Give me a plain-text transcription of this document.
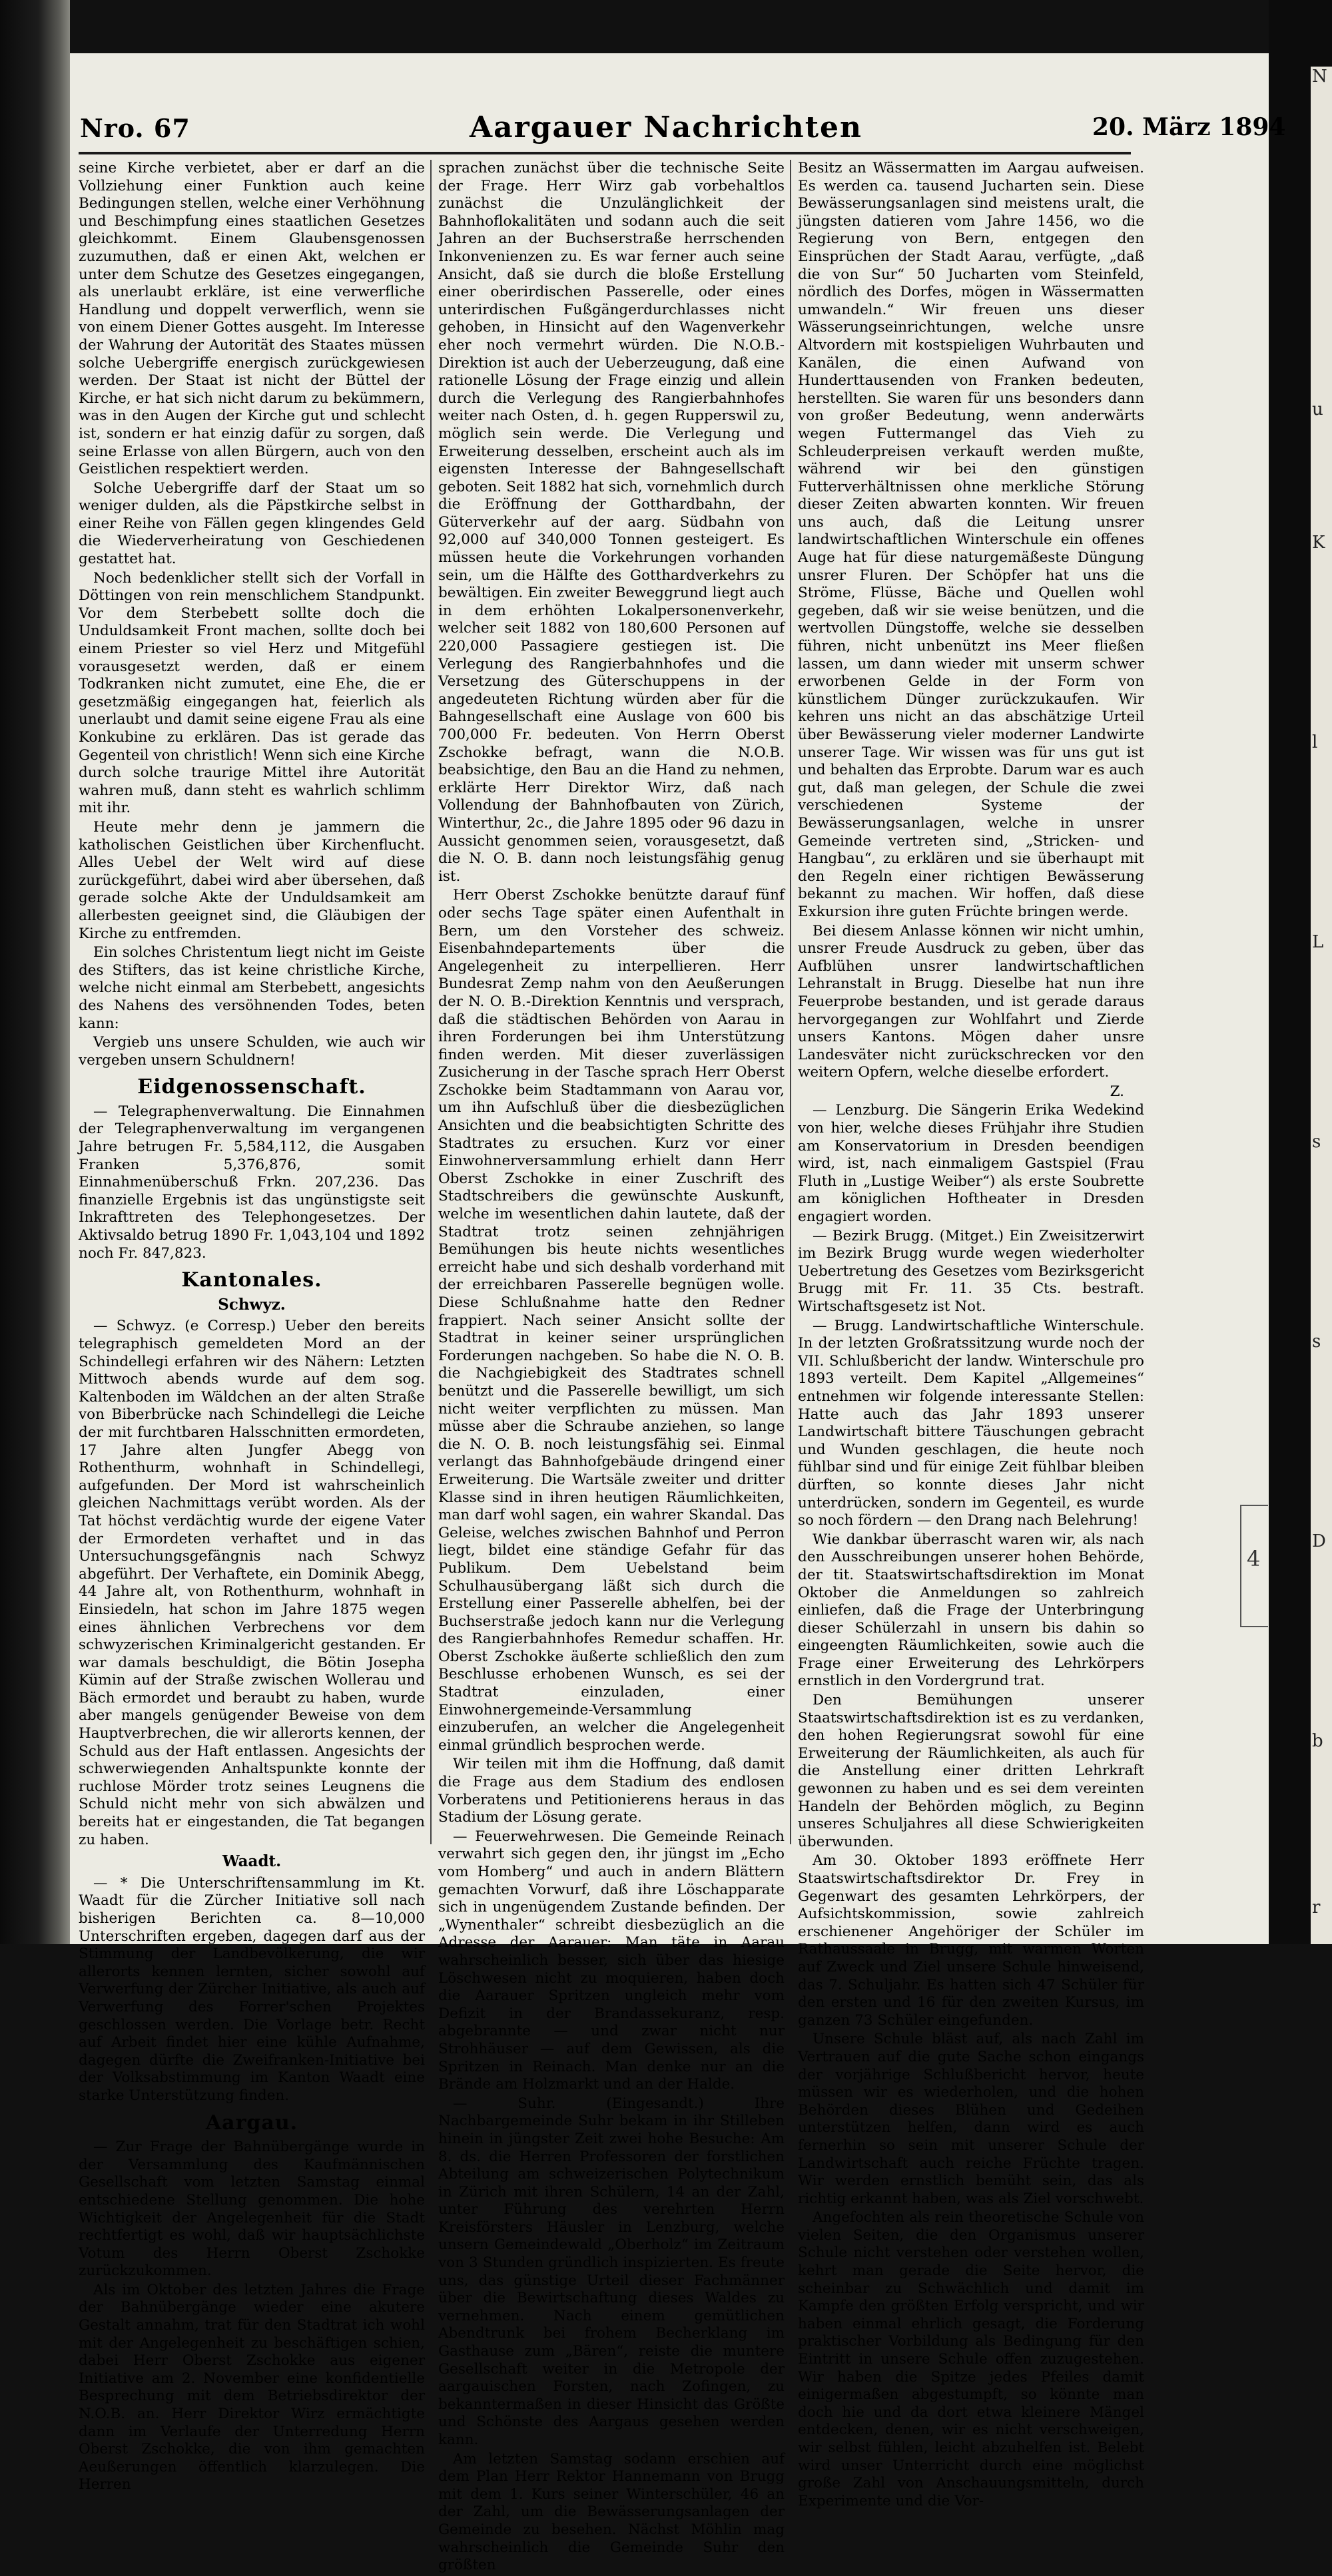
N
u
K
l
L
s
s
D
b
r
4
Nro. 67	Aargauer Nachrichten	20. März 1894

seine Kirche verbietet, aber er darf an die Vollziehung einer Funktion auch keine Bedingungen stellen, welche einer Verhöhnung und Beschimpfung eines staatlichen Gesetzes gleichkommt. Einem Glaubensgenossen zuzumuthen, daß er einen Akt, welchen er unter dem Schutze des Gesetzes eingegangen, als unerlaubt erkläre, ist eine verwerfliche Handlung und doppelt verwerflich, wenn sie von einem Diener Gottes ausgeht. Im Interesse der Wahrung der Autorität des Staates müssen solche Uebergriffe energisch zurückgewiesen werden. Der Staat ist nicht der Büttel der Kirche, er hat sich nicht darum zu bekümmern, was in den Augen der Kirche gut und schlecht ist, sondern er hat einzig dafür zu sorgen, daß seine Erlasse von allen Bürgern, auch von den Geistlichen respektiert werden.

Solche Uebergriffe darf der Staat um so weniger dulden, als die Päpstkirche selbst in einer Reihe von Fällen gegen klingendes Geld die Wiederverheiratung von Geschiedenen gestattet hat.

Noch bedenklicher stellt sich der Vorfall in Döttingen von rein menschlichem Standpunkt. Vor dem Sterbebett sollte doch die Unduldsamkeit Front machen, sollte doch bei einem Priester so viel Herz und Mitgefühl vorausgesetzt werden, daß er einem Todkranken nicht zumutet, eine Ehe, die er gesetzmäßig eingegangen hat, feierlich als unerlaubt und damit seine eigene Frau als eine Konkubine zu erklären. Das ist gerade das Gegenteil von christlich! Wenn sich eine Kirche durch solche traurige Mittel ihre Autorität wahren muß, dann steht es wahrlich schlimm mit ihr.

Heute mehr denn je jammern die katholischen Geistlichen über Kirchenflucht. Alles Uebel der Welt wird auf diese zurückgeführt, dabei wird aber übersehen, daß gerade solche Akte der Unduldsamkeit am allerbesten geeignet sind, die Gläubigen der Kirche zu entfremden.

Ein solches Christentum liegt nicht im Geiste des Stifters, das ist keine christliche Kirche, welche nicht einmal am Sterbebett, angesichts des Nahens des versöhnenden Todes, beten kann:

Vergieb uns unsere Schulden, wie auch wir vergeben unsern Schuldnern!

Eidgenossenschaft.

— Telegraphenverwaltung. Die Einnahmen der Telegraphenverwaltung im vergangenen Jahre betrugen Fr. 5,584,112, die Ausgaben Franken 5,376,876, somit Einnahmenüberschuß Frkn. 207,236. Das finanzielle Ergebnis ist das ungünstigste seit Inkrafttreten des Telephongesetzes. Der Aktivsaldo betrug 1890 Fr. 1,043,104 und 1892 noch Fr. 847,823.

Kantonales.
Schwyz.

— Schwyz. (e Corresp.) Ueber den bereits telegraphisch gemeldeten Mord an der Schindellegi erfahren wir des Nähern: Letzten Mittwoch abends wurde auf dem sog. Kaltenboden im Wäldchen an der alten Straße von Biberbrücke nach Schindellegi die Leiche der mit furchtbaren Halsschnitten ermordeten, 17 Jahre alten Jungfer Abegg von Rothenthurm, wohnhaft in Schindellegi, aufgefunden. Der Mord ist wahrscheinlich gleichen Nachmittags verübt worden. Als der Tat höchst verdächtig wurde der eigene Vater der Ermordeten verhaftet und in das Untersuchungsgefängnis nach Schwyz abgeführt. Der Verhaftete, ein Dominik Abegg, 44 Jahre alt, von Rothenthurm, wohnhaft in Einsiedeln, hat schon im Jahre 1875 wegen eines ähnlichen Verbrechens vor dem schwyzerischen Kriminalgericht gestanden. Er war damals beschuldigt, die Bötin Josepha Kümin auf der Straße zwischen Wollerau und Bäch ermordet und beraubt zu haben, wurde aber mangels genügender Beweise von dem Hauptverbrechen, die wir allerorts kennen, der Schuld aus der Haft entlassen. Angesichts der schwerwiegenden Anhaltspunkte konnte der ruchlose Mörder trotz seines Leugnens die Schuld nicht mehr von sich abwälzen und bereits hat er eingestanden, die Tat begangen zu haben.

Waadt.

— * Die Unterschriftensammlung im Kt. Waadt für die Zürcher Initiative soll nach bisherigen Berichten ca. 8—10,000 Unterschriften ergeben, dagegen darf aus der Stimmung der Landbevölkerung, die wir allerorts kennen lernten, sicher sowohl auf Verwerfung der Zürcher Initiative, als auch auf Verwerfung des Forrer'schen Projektes geschlossen werden. Die Vorlage betr. Recht auf Arbeit findet hier eine kühle Aufnahme, dagegen dürfte die Zweifranken-Initiative bei der Volksabstimmung im Kanton Waadt eine starke Unterstützung finden.

Aargau.

— Zur Frage der Bahnübergänge wurde in der Versammlung des Kaufmännischen Gesellschaft vom letzten Samstag einmal entschiedene Stellung genommen. Die hohe Wichtigkeit der Angelegenheit für die Stadt rechtfertigt es wohl, daß wir hauptsächlichste Votum des Herrn Oberst Zschokke zurückzukommen.

Als im Oktober des letzten Jahres die Frage der Bahnübergänge wieder eine akutere Gestalt annahm, trat für den Stadtrat ich wohl mit der Angelegenheit zu beschäftigen schien, dabei Herr Oberst Zschokke aus eigener Initiative am 2. November eine konfidentielle Besprechung mit dem Betriebsdirektor der N.O.B. an. Herr Direktor Wirz ermächtigte dann im Verlaufe der Unterredung Herrn Oberst Zschokke, die von ihm gemachten Aeußerungen öffentlich klarzulegen. Die Herren

sprachen zunächst über die technische Seite der Frage. Herr Wirz gab vorbehaltlos zunächst die Unzulänglichkeit der Bahnhoflokalitäten und sodann auch die seit Jahren an der Buchserstraße herrschenden Inkonvenienzen zu. Es war ferner auch seine Ansicht, daß sie durch die bloße Erstellung einer oberirdischen Passerelle, oder eines unterirdischen Fußgängerdurchlasses nicht gehoben, in Hinsicht auf den Wagenverkehr eher noch vermehrt würden. Die N.O.B.-Direktion ist auch der Ueberzeugung, daß eine rationelle Lösung der Frage einzig und allein durch die Verlegung des Rangierbahnhofes weiter nach Osten, d. h. gegen Rupperswil zu, möglich sein werde. Die Verlegung und Erweiterung desselben, erscheint auch als im eigensten Interesse der Bahngesellschaft geboten. Seit 1882 hat sich, vornehmlich durch die Eröffnung der Gotthardbahn, der Güterverkehr auf der aarg. Südbahn von 92,000 auf 340,000 Tonnen gesteigert. Es müssen heute die Vorkehrungen vorhanden sein, um die Hälfte des Gotthardverkehrs zu bewältigen. Ein zweiter Beweggrund liegt auch in dem erhöhten Lokalpersonenverkehr, welcher seit 1882 von 180,600 Personen auf 220,000 Passagiere gestiegen ist. Die Verlegung des Rangierbahnhofes und die Versetzung des Güterschuppens in der angedeuteten Richtung würden aber für die Bahngesellschaft eine Auslage von 600 bis 700,000 Fr. bedeuten. Von Herrn Oberst Zschokke befragt, wann die N.O.B. beabsichtige, den Bau an die Hand zu nehmen, erklärte Herr Direktor Wirz, daß nach Vollendung der Bahnhofbauten von Zürich, Winterthur, 2c., die Jahre 1895 oder 96 dazu in Aussicht genommen seien, vorausgesetzt, daß die N. O. B. dann noch leistungsfähig genug ist.

Herr Oberst Zschokke benützte darauf fünf oder sechs Tage später einen Aufenthalt in Bern, um den Vorsteher des schweiz. Eisenbahndepartements über die Angelegenheit zu interpellieren. Herr Bundesrat Zemp nahm von den Aeußerungen der N. O. B.-Direktion Kenntnis und versprach, daß die städtischen Behörden von Aarau in ihren Forderungen bei ihm Unterstützung finden werden. Mit dieser zuverlässigen Zusicherung in der Tasche sprach Herr Oberst Zschokke beim Stadtammann von Aarau vor, um ihn Aufschluß über die diesbezüglichen Ansichten und die beabsichtigten Schritte des Stadtrates zu ersuchen. Kurz vor einer Einwohnerversammlung erhielt dann Herr Oberst Zschokke in einer Zuschrift des Stadtschreibers die gewünschte Auskunft, welche im wesentlichen dahin lautete, daß der Stadtrat trotz seinen zehnjährigen Bemühungen bis heute nichts wesentliches erreicht habe und sich deshalb vorderhand mit der erreichbaren Passerelle begnügen wolle. Diese Schlußnahme hatte den Redner frappiert. Nach seiner Ansicht sollte der Stadtrat in keiner seiner ursprünglichen Forderungen nachgeben. So habe die N. O. B. die Nachgiebigkeit des Stadtrates schnell benützt und die Passerelle bewilligt, um sich nicht weiter verpflichten zu müssen. Man müsse aber die Schraube anziehen, so lange die N. O. B. noch leistungsfähig sei. Einmal verlangt das Bahnhofgebäude dringend einer Erweiterung. Die Wartsäle zweiter und dritter Klasse sind in ihren heutigen Räumlichkeiten, man darf wohl sagen, ein wahrer Skandal. Das Geleise, welches zwischen Bahnhof und Perron liegt, bildet eine ständige Gefahr für das Publikum. Dem Uebelstand beim Schulhausübergang läßt sich durch die Erstellung einer Passerelle abhelfen, bei der Buchserstraße jedoch kann nur die Verlegung des Rangierbahnhofes Remedur schaffen. Hr. Oberst Zschokke äußerte schließlich den zum Beschlusse erhobenen Wunsch, es sei der Stadtrat einzuladen, einer Einwohnergemeinde-Versammlung einzuberufen, an welcher die Angelegenheit einmal gründlich besprochen werde.

Wir teilen mit ihm die Hoffnung, daß damit die Frage aus dem Stadium des endlosen Vorberatens und Petitionierens heraus in das Stadium der Lösung gerate.

— Feuerwehrwesen. Die Gemeinde Reinach verwahrt sich gegen den, ihr jüngst im „Echo vom Homberg“ und auch in andern Blättern gemachten Vorwurf, daß ihre Löschapparate sich in ungenügendem Zustande befinden. Der „Wynenthaler“ schreibt diesbezüglich an die Adresse der Aarauer: Man täte in Aarau wahrscheinlich besser, sich über das hiesige Löschwesen nicht zu moquieren, haben doch die Aarauer Spritzen ungleich mehr vom Defizit in der Brandassekuranz, resp. abgebrannte — und zwar nicht nur Strohhäuser — auf dem Gewissen, als die Spritzen in Reinach. Man denke nur an die Brände am Holzmarkt und an der Halde.

— Suhr. (Eingesandt.) Ihre Nachbargemeinde Suhr bekam in ihr Stilleben hinein in jüngster Zeit zwei hohe Besuche: Am 8. ds. die Herren Professoren der forstlichen Abteilung am schweizerischen Polytechnikum in Zürich mit ihren Schülern, 14 an der Zahl, unter Führung des verehrten Herrn Kreisförsters Häusler in Lenzburg, welche unsern Gemeindewald „Oberholz“ im Zeitraum von 3 Stunden gründlich inspizierten. Es freute uns, das günstige Urteil dieser Fachmänner über die Bewirtschaftung dieses Waldes zu vernehmen. Nach einem gemütlichen Abendtrunk bei frohem Becherklang im Gasthause zum „Bären“, reiste die muntere Gesellschaft weiter in die Metropole der aargauischen Forsten, nach Zofingen, zu bekanntermaßen in dieser Hinsicht das Größte und Schönste des Aargaus gesehen werden kann.

Am letzten Samstag sodann erschien auf dem Plan Herr Rektor Hannemann von Brugg mit dem 1. Kurs seiner Winterschüler, 46 an der Zahl, um die Bewässerungsanlagen der Gemeinde zu besehen. Nächst Möhlin mag wahrscheinlich die Gemeinde Suhr den größten

Besitz an Wässermatten im Aargau aufweisen. Es werden ca. tausend Jucharten sein. Diese Bewässerungsanlagen sind meistens uralt, die jüngsten datieren vom Jahre 1456, wo die Regierung von Bern, entgegen den Einsprüchen der Stadt Aarau, verfügte, „daß die von Sur“ 50 Jucharten vom Steinfeld, nördlich des Dorfes, mögen in Wässermatten umwandeln.“ Wir freuen uns dieser Wässerungseinrichtungen, welche unsre Altvordern mit kostspieligen Wuhrbauten und Kanälen, die einen Aufwand von Hunderttausenden von Franken bedeuten, herstellten. Sie waren für uns besonders dann von großer Bedeutung, wenn anderwärts wegen Futtermangel das Vieh zu Schleuderpreisen verkauft werden mußte, während wir bei den günstigen Futterverhältnissen ohne merkliche Störung dieser Zeiten abwarten konnten. Wir freuen uns auch, daß die Leitung unsrer landwirtschaftlichen Winterschule ein offenes Auge hat für diese naturgemäßeste Düngung unsrer Fluren. Der Schöpfer hat uns die Ströme, Flüsse, Bäche und Quellen wohl gegeben, daß wir sie weise benützen, und die wertvollen Düngstoffe, welche sie desselben führen, nicht unbenützt ins Meer fließen lassen, um dann wieder mit unserm schwer erworbenen Gelde in der Form von künstlichem Dünger zurückzukaufen. Wir kehren uns nicht an das abschätzige Urteil über Bewässerung vieler moderner Landwirte unserer Tage. Wir wissen was für uns gut ist und behalten das Erprobte. Darum war es auch gut, daß man gelegen, der Schule die zwei verschiedenen Systeme der Bewässerungsanlagen, welche in unsrer Gemeinde vertreten sind, „Stricken- und Hangbau“, zu erklären und sie überhaupt mit den Regeln einer richtigen Bewässerung bekannt zu machen. Wir hoffen, daß diese Exkursion ihre guten Früchte bringen werde.

Bei diesem Anlasse können wir nicht umhin, unsrer Freude Ausdruck zu geben, über das Aufblühen unsrer landwirtschaftlichen Lehranstalt in Brugg. Dieselbe hat nun ihre Feuerprobe bestanden, und ist gerade daraus hervorgegangen zur Wohlfahrt und Zierde unsers Kantons. Mögen daher unsre Landesväter nicht zurückschrecken vor den weitern Opfern, welche dieselbe erfordert.

Z.

— Lenzburg. Die Sängerin Erika Wedekind von hier, welche dieses Frühjahr ihre Studien am Konservatorium in Dresden beendigen wird, ist, nach einmaligem Gastspiel (Frau Fluth in „Lustige Weiber“) als erste Soubrette am königlichen Hoftheater in Dresden engagiert worden.

— Bezirk Brugg. (Mitget.) Ein Zweisitzerwirt im Bezirk Brugg wurde wegen wiederholter Uebertretung des Gesetzes vom Bezirksgericht Brugg mit Fr. 11. 35 Cts. bestraft. Wirtschaftsgesetz ist Not.

— Brugg. Landwirtschaftliche Winterschule. In der letzten Großratssitzung wurde noch der VII. Schlußbericht der landw. Winterschule pro 1893 verteilt. Dem Kapitel „Allgemeines“ entnehmen wir folgende interessante Stellen: Hatte auch das Jahr 1893 unserer Landwirtschaft bittere Täuschungen gebracht und Wunden geschlagen, die heute noch fühlbar sind und für einige Zeit fühlbar bleiben dürften, so konnte dieses Jahr nicht unterdrücken, sondern im Gegenteil, es wurde so noch fördern — den Drang nach Belehrung!

Wie dankbar überrascht waren wir, als nach den Ausschreibungen unserer hohen Behörde, der tit. Staatswirtschaftsdirektion im Monat Oktober die Anmeldungen so zahlreich einliefen, daß die Frage der Unterbringung dieser Schülerzahl in unsern bis dahin so eingeengten Räumlichkeiten, sowie auch die Frage einer Erweiterung des Lehrkörpers ernstlich in den Vordergrund trat.

Den Bemühungen unserer Staatswirtschaftsdirektion ist es zu verdanken, den hohen Regierungsrat sowohl für eine Erweiterung der Räumlichkeiten, als auch für die Anstellung einer dritten Lehrkraft gewonnen zu haben und es sei dem vereinten Handeln der Behörden möglich, zu Beginn unseres Schuljahres all diese Schwierigkeiten überwunden.

Am 30. Oktober 1893 eröffnete Herr Staatswirtschaftsdirektor Dr. Frey in Gegenwart des gesamten Lehrkörpers, der Aufsichtskommission, sowie zahlreich erschienener Angehöriger der Schüler im Rathaussaale in Brugg, mit warmen Worten auf Zweck und Ziel unsere Schule hinweisend, das 7. Schuljahr. Es hatten sich 47 Schüler für den ersten und 16 für den zweiten Kursus, im ganzen 73 Schüler eingefunden.

Unsere Schule bläst auf, als nach Zahl im Vertrauen auf die gute Sache schon eingangs der vorjährige Schlußbericht hervor, heute müssen wir es wiederholen, und die hohen Behörden dieses Blühen und Gedeihen unterstützen helfen, dann wird es auch fernerhin so sein mit unserer Schule der Landwirtschaft auch reiche Früchte tragen. Wir werden ernstlich bemüht sein, das als richtig erkannt haben, was als Ziel vorschwebt.

Angefochten als rein theoretische Schule von vielen Seiten, die den Organismus unserer Schule nicht verstehen oder verstehen wollen, kehrt man gerade die Seite hervor, die scheinbar zu Schwächlich und damit im Kampfe den größten Erfolg verspricht, und wir haben einmal ehrlich gesagt, die Forderung praktischer Vorbildung als Bedingung für den Eintritt in unsere Schule offen zuzugestehen. Wir haben die Spitze jedes Pfeiles damit einigermaßen abgestumpft, so könnte man doch hie und da dort etwa kleinere Mängel entdecken, denen, wir es nicht verschweigen, wir selbst fühlen, leicht abzuhelfen ist. Belebt wird unser Unterricht durch eine möglichst große Zahl von Anschauungsmitteln, durch Experimente und die Vor-
